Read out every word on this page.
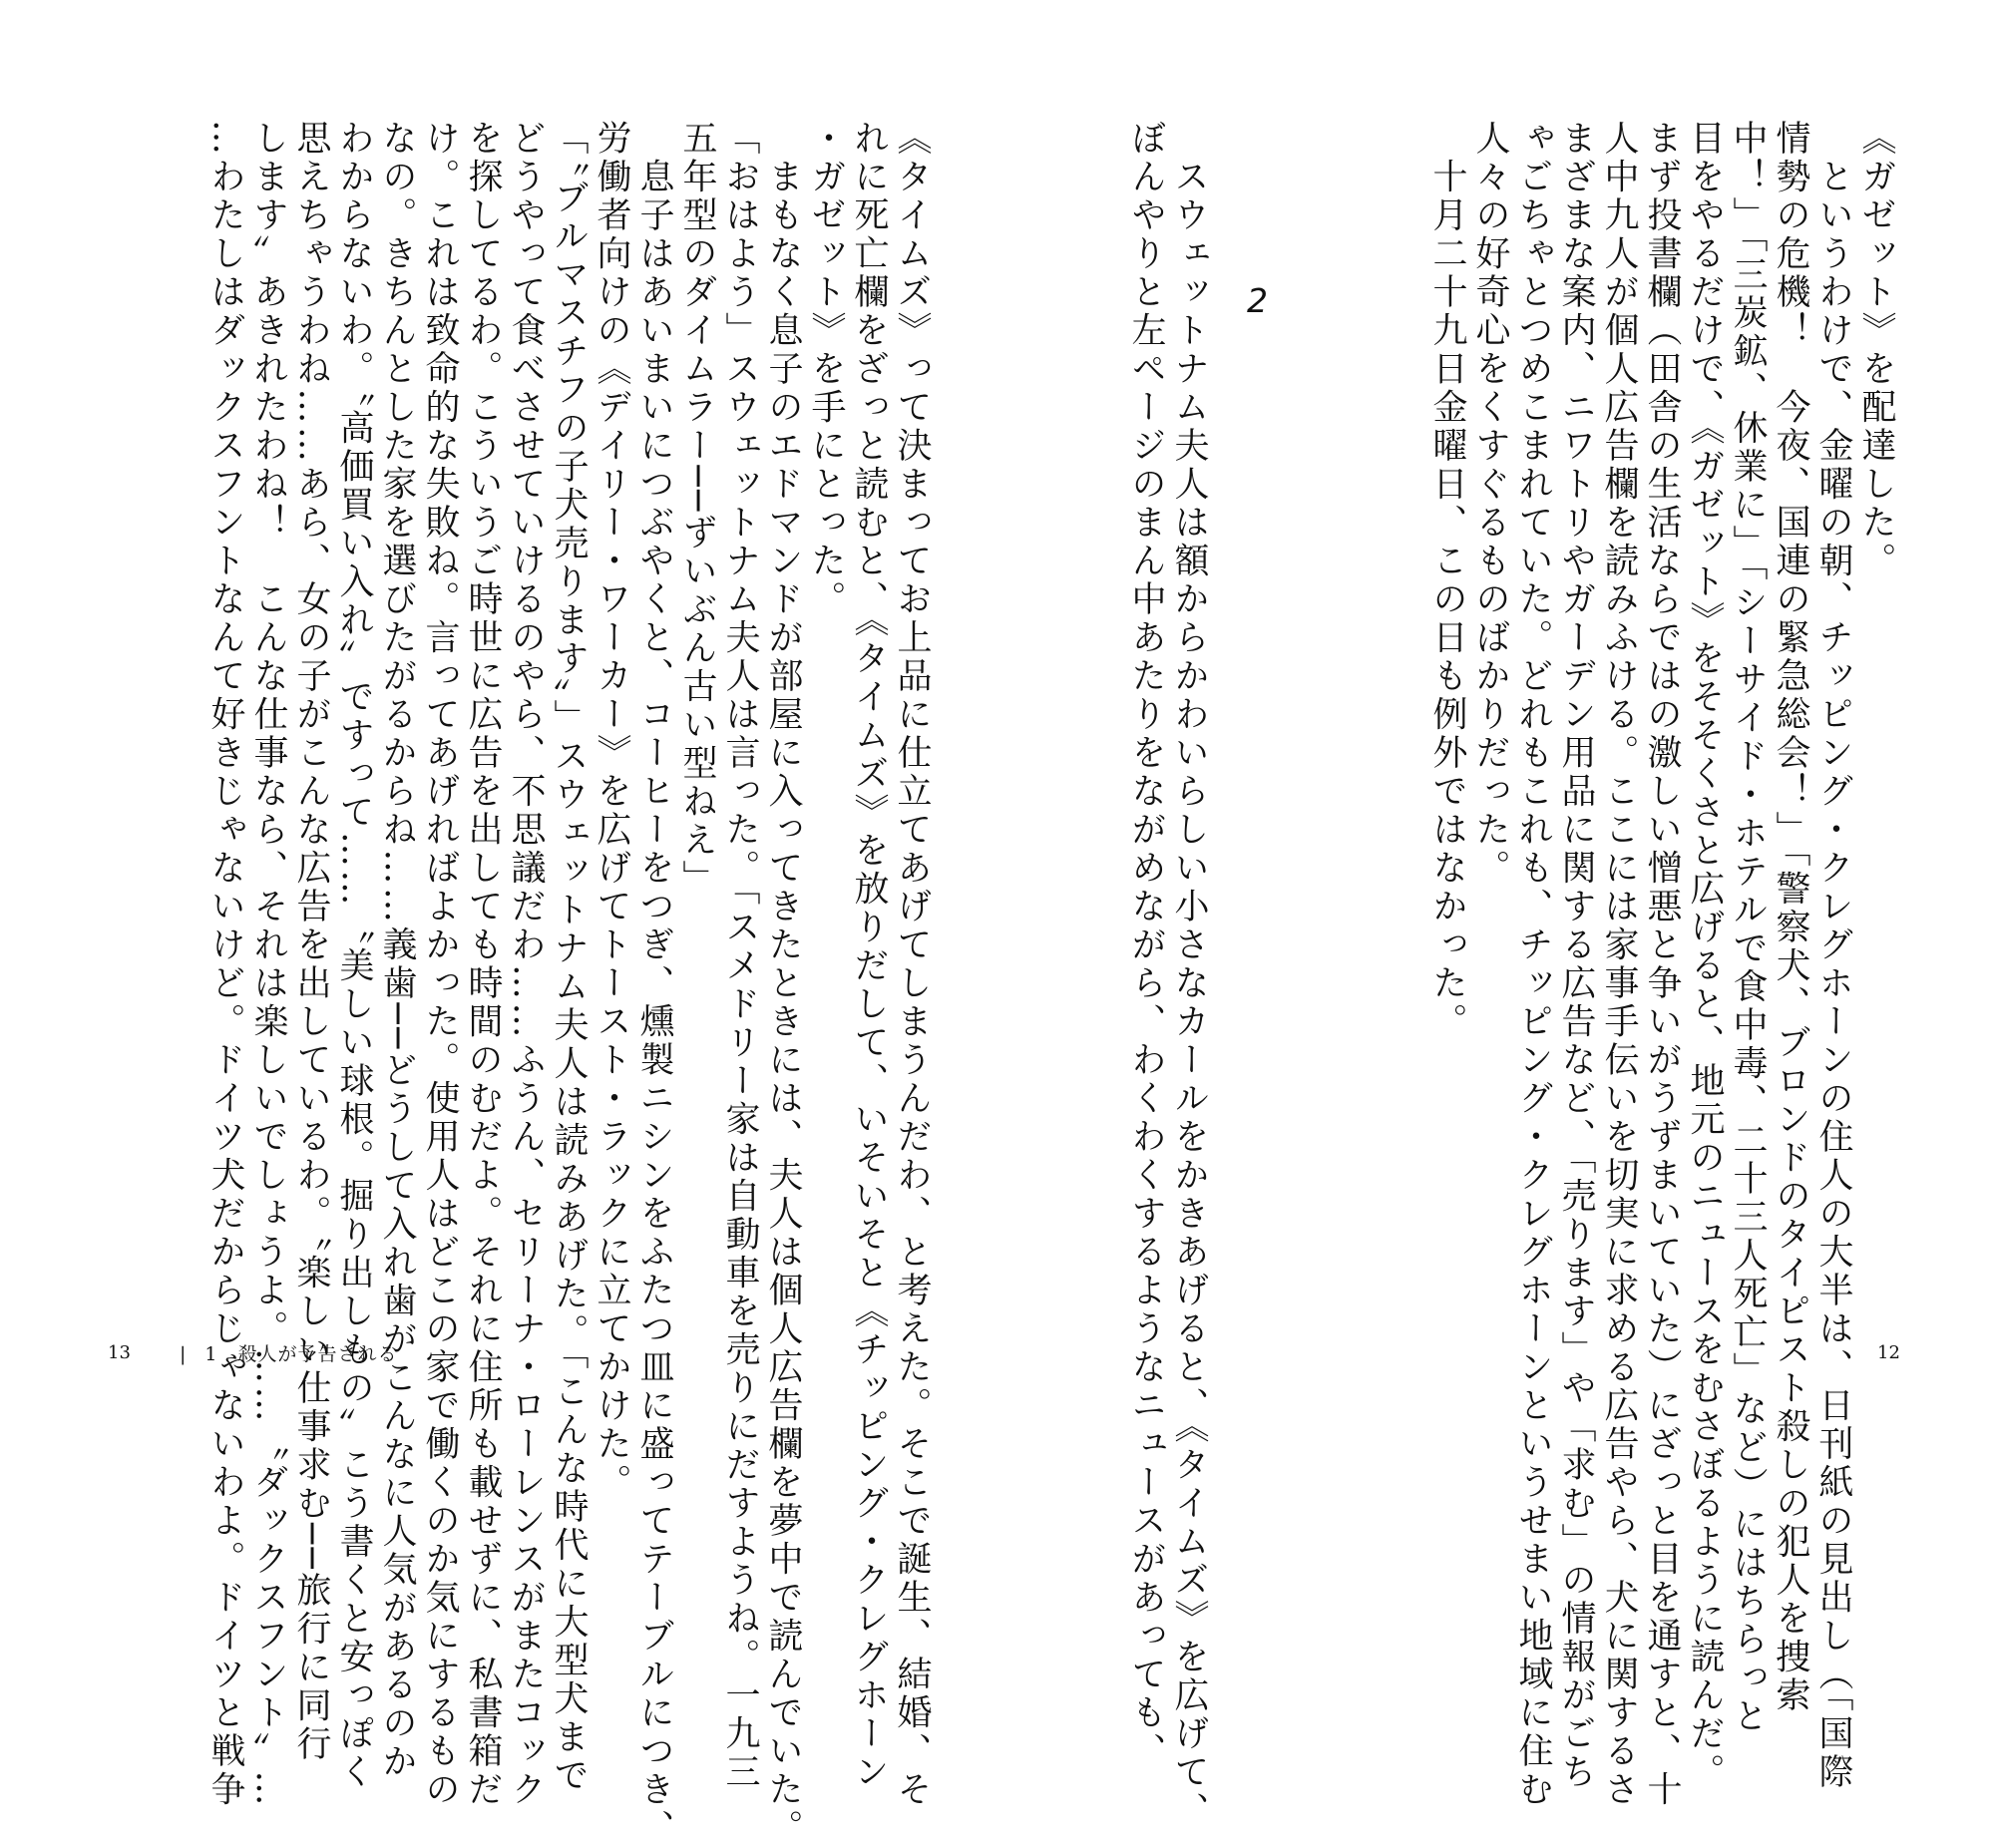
《ガゼット》を配達した。
　というわけで、金曜の朝、チッピング・クレグホーンの住人の大半は、日刊紙の見出し（「国際
情勢の危機！　今夜、国連の緊急総会！」「警察犬、ブロンドのタイピスト殺しの犯人を捜索
中！」「三炭鉱、休業に」「シーサイド・ホテルで食中毒、二十三人死亡」など）にはちらっと
目をやるだけで、《ガゼット》をそそくさと広げると、地元のニュースをむさぼるように読んだ。
まず投書欄（田舎の生活ならではの激しい憎悪と争いがうずまいていた）にざっと目を通すと、十
人中九人が個人広告欄を読みふける。ここには家事手伝いを切実に求める広告やら、犬に関するさ
まざまな案内、ニワトリやガーデン用品に関する広告など、「売ります」や「求む」の情報がごち
ゃごちゃとつめこまれていた。どれもこれも、チッピング・クレグホーンというせまい地域に住む
人々の好奇心をくすぐるものばかりだった。
　十月二十九日金曜日、この日も例外ではなかった。
2
　スウェットナム夫人は額からかわいらしい小さなカールをかきあげると、《タイムズ》を広げて、
ぼんやりと左ページのまん中あたりをながめながら、わくわくするようなニュースがあっても、
《タイムズ》って決まってお上品に仕立てあげてしまうんだわ、と考えた。そこで誕生、結婚、そ
れに死亡欄をざっと読むと、《タイムズ》を放りだして、いそいそと《チッピング・クレグホーン
・ガゼット》を手にとった。
　まもなく息子のエドマンドが部屋に入ってきたときには、夫人は個人広告欄を夢中で読んでいた。
「おはよう」スウェットナム夫人は言った。「スメドリー家は自動車を売りにだすようね。一九三
五年型のダイムラー──ずいぶん古い型ねえ」
　息子はあいまいにつぶやくと、コーヒーをつぎ、燻製ニシンをふたつ皿に盛ってテーブルにつき、
労働者向けの《デイリー・ワーカー》を広げてトースト・ラックに立てかけた。
「〝ブルマスチフの子犬売ります〟」スウェットナム夫人は読みあげた。「こんな時代に大型犬まで
どうやって食べさせていけるのやら、不思議だわ……ふうん、セリーナ・ローレンスがまたコック
を探してるわ。こういうご時世に広告を出しても時間のむだよ。それに住所も載せずに、私書箱だ
け。これは致命的な失敗ね。言ってあげればよかった。使用人はどこの家で働くのか気にするもの
なの。きちんとした家を選びたがるからね……義歯──どうして入れ歯がこんなに人気があるのか
わからないわ。〝高価買い入れ〟ですって……〝美しい球根。掘り出しもの〟こう書くと安っぽく
思えちゃうわね……あら、女の子がこんな広告を出しているわ。〝楽しい仕事求む──旅行に同行
します〟あきれたわね！　こんな仕事なら、それは楽しいでしょうよ。……〝ダックスフント〟…
…わたしはダックスフントなんて好きじゃないけど。ドイツ犬だからじゃないわよ。ドイツと戦争
13	| 1　殺人が予告される	12
